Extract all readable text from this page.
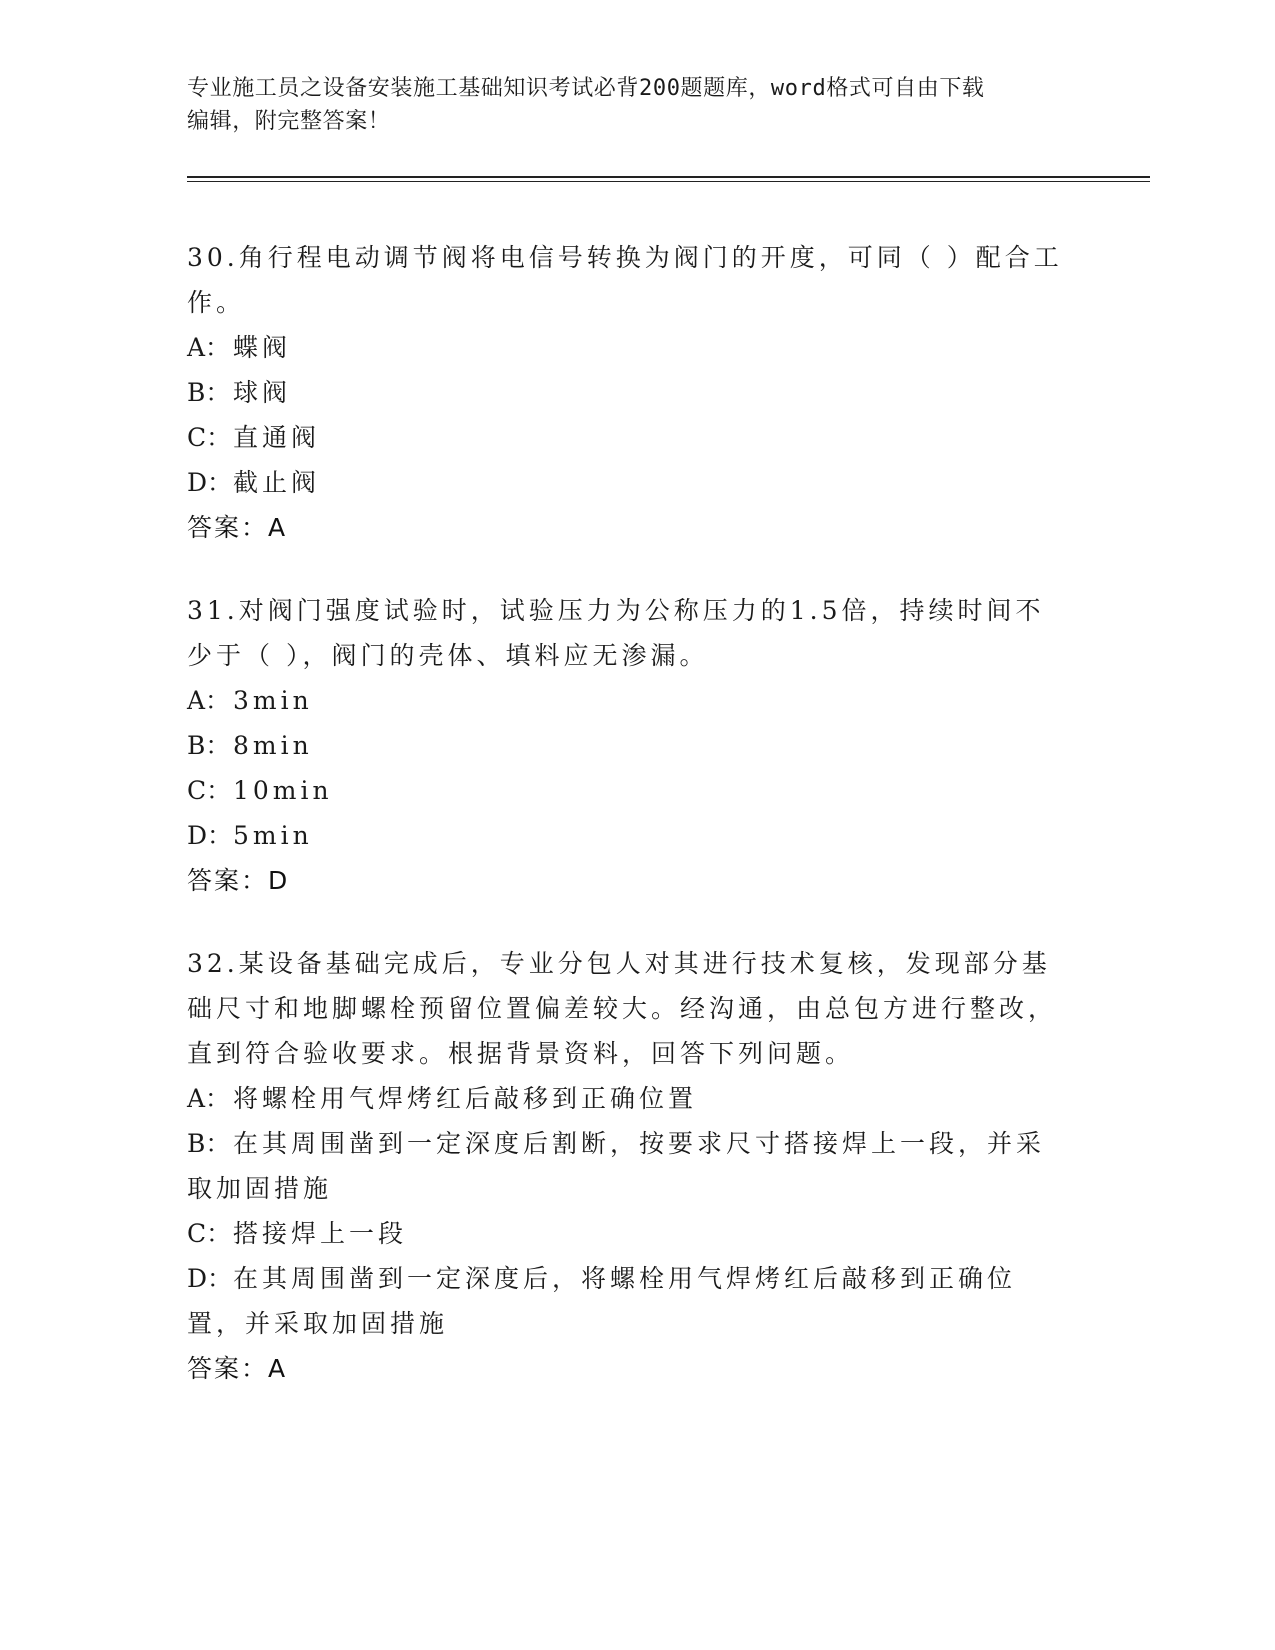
专业施工员之设备安装施工基础知识考试必背200题题库，word格式可自由下载
编辑，附完整答案！
30.角行程电动调节阀将电信号转换为阀门的开度，可同（ ）配合工作。
A： 蝶阀
B： 球阀
C：直通阀
D：截止阀
答案：A
31.对阀门强度试验时，试验压力为公称压力的1.5倍，持续时间不少于（ ），阀门的壳体、填料应无渗漏。
A： 3min
B： 8min
C：10min
D：5min
答案：D
32.某设备基础完成后，专业分包人对其进行技术复核，发现部分基础尺寸和地脚螺栓预留位置偏差较大。经沟通，由总包方进行整改，直到符合验收要求。根据背景资料，回答下列问题。
A： 将螺栓用气焊烤红后敲移到正确位置
B： 在其周围凿到一定深度后割断，按要求尺寸搭接焊上一段，并采取加固措施
C：搭接焊上一段
D：在其周围凿到一定深度后，将螺栓用气焊烤红后敲移到正确位置，并采取加固措施
答案：A
